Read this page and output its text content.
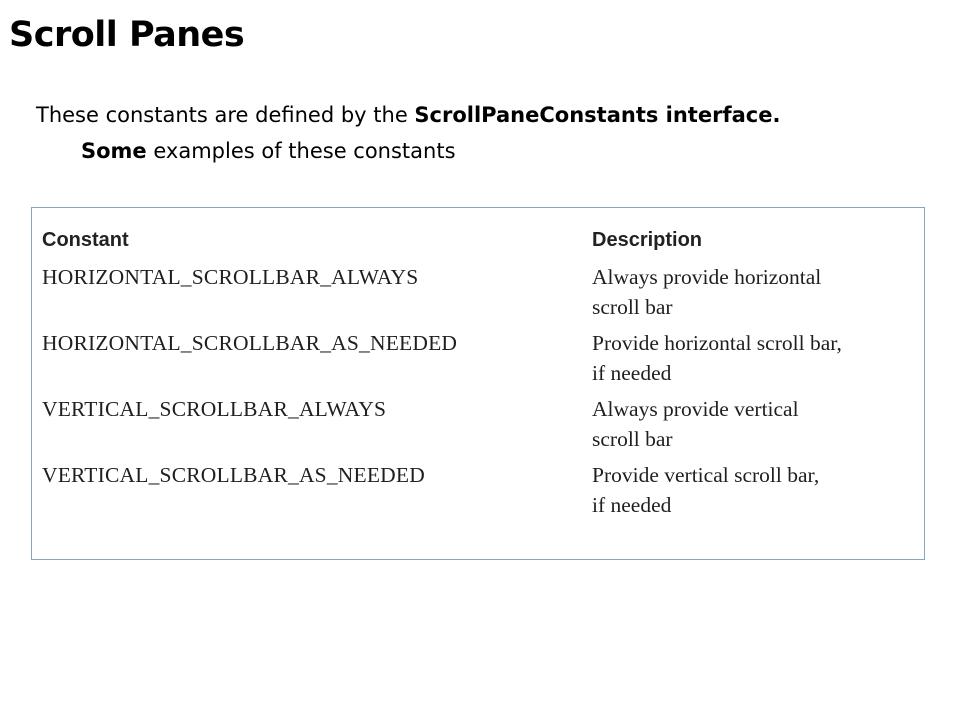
Scroll Panes

These constants are defined by the ScrollPaneConstants interface.
Some examples of these constants

Constant	Description
HORIZONTAL_SCROLLBAR_ALWAYS	Always provide horizontal
scroll bar
HORIZONTAL_SCROLLBAR_AS_NEEDED	Provide horizontal scroll bar,
if needed
VERTICAL_SCROLLBAR_ALWAYS	Always provide vertical
scroll bar
VERTICAL_SCROLLBAR_AS_NEEDED	Provide vertical scroll bar,
if needed
